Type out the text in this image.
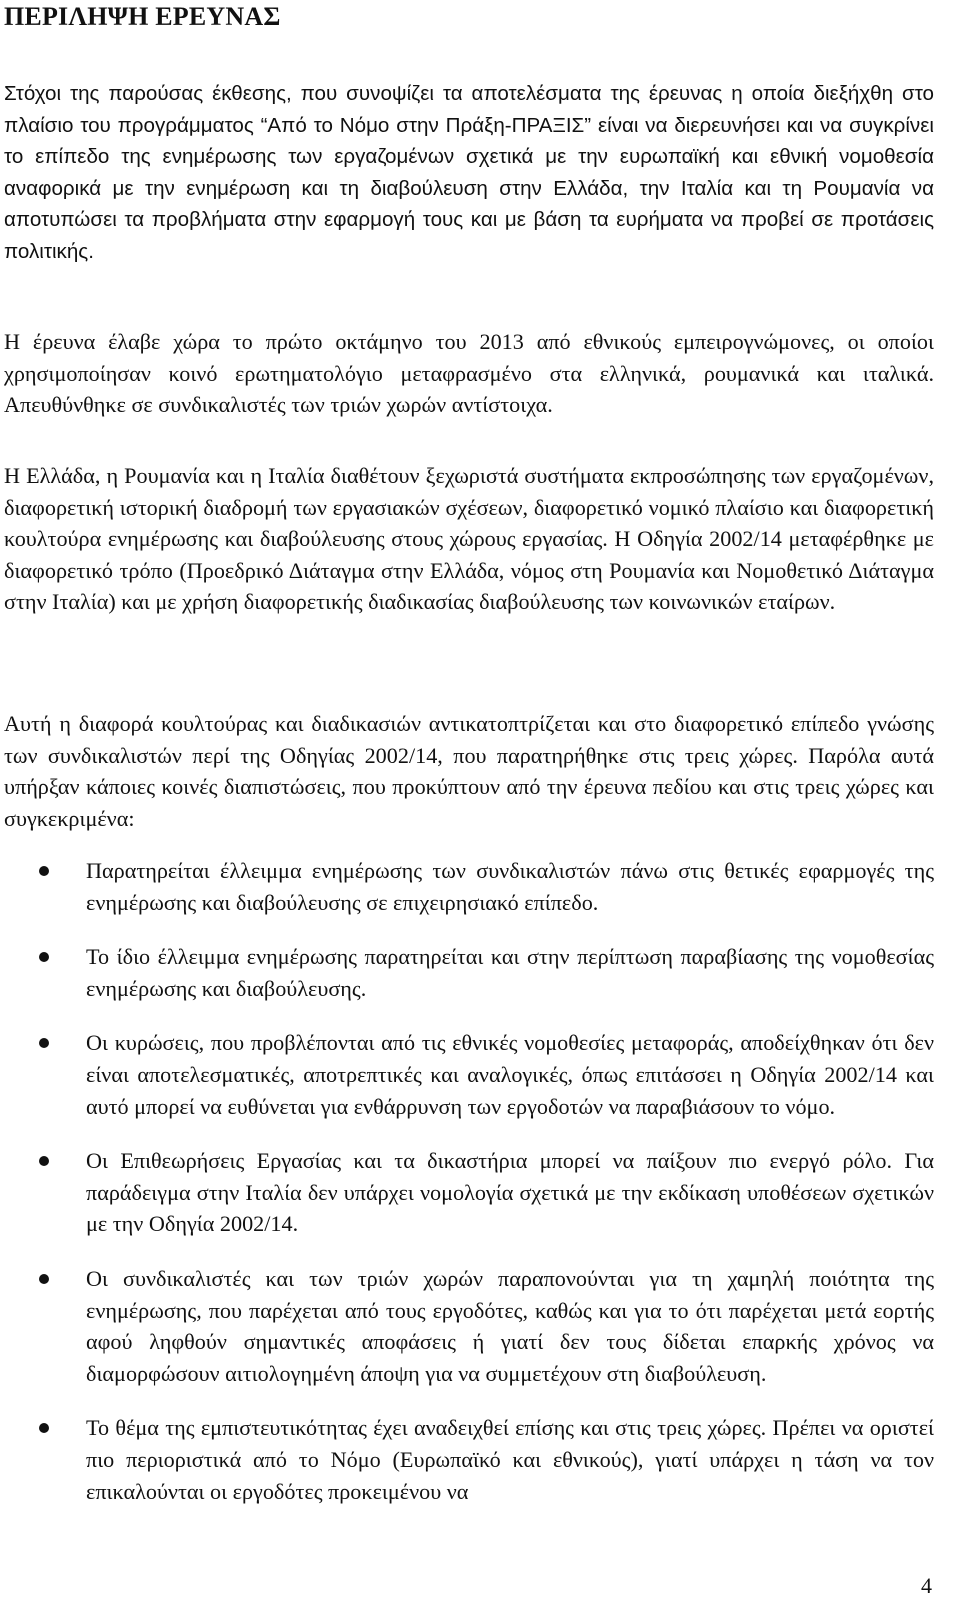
ΠΕΡΙΛΗΨΗ ΕΡΕΥΝΑΣ

Στόχοι της παρούσας έκθεσης, που συνοψίζει τα αποτελέσματα της έρευνας η οποία διεξήχθη στο πλαίσιο του προγράμματος “Από το Νόμο στην Πράξη-ΠΡΑΞΙΣ” είναι να διερευνήσει και να συγκρίνει το επίπεδο της ενημέρωσης των εργαζομένων σχετικά με την ευρωπαϊκή και εθνική νομοθεσία αναφορικά με την ενημέρωση και τη διαβούλευση στην Ελλάδα, την Ιταλία και τη Ρουμανία να αποτυπώσει τα προβλήματα στην εφαρμογή τους και με βάση τα ευρήματα να προβεί σε προτάσεις πολιτικής.

Η έρευνα έλαβε χώρα το πρώτο οκτάμηνο του 2013 από εθνικούς εμπειρογνώμονες, οι οποίοι χρησιμοποίησαν κοινό ερωτηματολόγιο μεταφρασμένο στα ελληνικά, ρουμανικά και ιταλικά. Απευθύνθηκε σε συνδικαλιστές των τριών χωρών αντίστοιχα.

Η Ελλάδα, η Ρουμανία και η Ιταλία διαθέτουν ξεχωριστά συστήματα εκπροσώπησης των εργαζομένων, διαφορετική ιστορική διαδρομή των εργασιακών σχέσεων, διαφορετικό νομικό πλαίσιο και διαφορετική κουλτούρα ενημέρωσης και διαβούλευσης στους χώρους εργασίας. Η Οδηγία 2002/14 μεταφέρθηκε με διαφορετικό τρόπο (Προεδρικό Διάταγμα στην Ελλάδα, νόμος στη Ρουμανία και Νομοθετικό Διάταγμα στην Ιταλία) και με χρήση διαφορετικής διαδικασίας διαβούλευσης των κοινωνικών εταίρων.

Αυτή η διαφορά κουλτούρας και διαδικασιών αντικατοπτρίζεται και στο διαφορετικό επίπεδο γνώσης των συνδικαλιστών περί της Οδηγίας 2002/14, που παρατηρήθηκε στις τρεις χώρες. Παρόλα αυτά υπήρξαν κάποιες κοινές διαπιστώσεις, που προκύπτουν από την έρευνα πεδίου και στις τρεις χώρες και συγκεκριμένα:

Παρατηρείται έλλειμμα ενημέρωσης των συνδικαλιστών πάνω στις θετικές εφαρμογές της ενημέρωσης και διαβούλευσης σε επιχειρησιακό επίπεδο.
Το ίδιο έλλειμμα ενημέρωσης παρατηρείται και στην περίπτωση παραβίασης της νομοθεσίας ενημέρωσης και διαβούλευσης.
Οι κυρώσεις, που προβλέπονται από τις εθνικές νομοθεσίες μεταφοράς, αποδείχθηκαν ότι δεν είναι αποτελεσματικές, αποτρεπτικές και αναλογικές, όπως επιτάσσει η Οδηγία 2002/14 και αυτό μπορεί να ευθύνεται για ενθάρρυνση των εργοδοτών να παραβιάσουν το νόμο.
Οι Επιθεωρήσεις Εργασίας και τα δικαστήρια μπορεί να παίξουν πιο ενεργό ρόλο. Για παράδειγμα στην Ιταλία δεν υπάρχει νομολογία σχετικά με την εκδίκαση υποθέσεων σχετικών με την Οδηγία 2002/14.
Οι συνδικαλιστές και των τριών χωρών παραπονούνται για τη χαμηλή ποιότητα της ενημέρωσης, που παρέχεται από τους εργοδότες, καθώς και για το ότι παρέχεται μετά εορτής αφού ληφθούν σημαντικές αποφάσεις ή γιατί δεν τους δίδεται επαρκής χρόνος να διαμορφώσουν αιτιολογημένη άποψη για να συμμετέχουν στη διαβούλευση.
Το θέμα της εμπιστευτικότητας έχει αναδειχθεί επίσης και στις τρεις χώρες. Πρέπει να οριστεί πιο περιοριστικά από το Νόμο (Ευρωπαϊκό και εθνικούς), γιατί υπάρχει η τάση να τον επικαλούνται οι εργοδότες προκειμένου να
4
